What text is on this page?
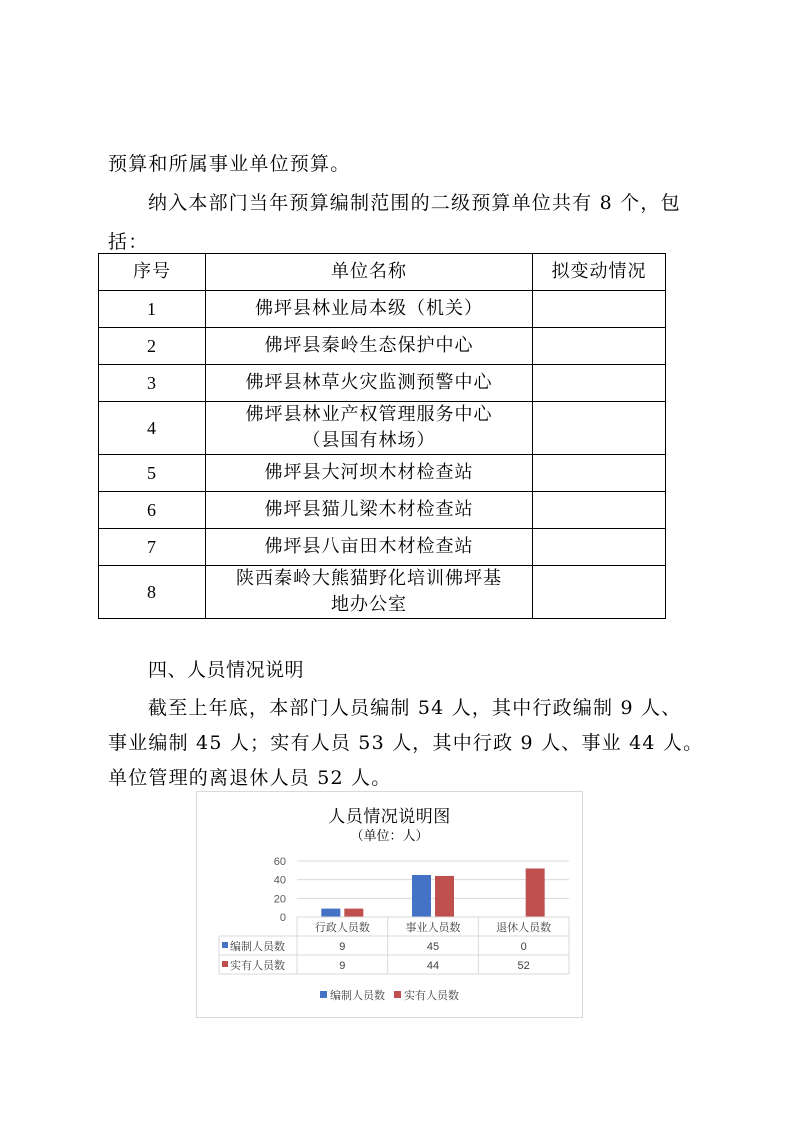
预算和所属事业单位预算。
纳入本部门当年预算编制范围的二级预算单位共有 8 个，包
括：
序号	单位名称	拟变动情况
1	佛坪县林业局本级（机关）	
2	佛坪县秦岭生态保护中心	
3	佛坪县林草火灾监测预警中心	
4	佛坪县林业产权管理服务中心
（县国有林场）	

5	佛坪县大河坝木材检查站	
6	佛坪县猫儿梁木材检查站	
7	佛坪县八亩田木材检查站	
8	陕西秦岭大熊猫野化培训佛坪基
地办公室	

四、人员情况说明
截至上年底，本部门人员编制 54 人，其中行政编制 9 人、
事业编制 45 人；实有人员 53 人，其中行政 9 人、事业 44 人。
单位管理的离退休人员 52 人。
人员情况说明图
（单位：人）
0
20
40
60
行政人员数	事业人员数	退休人员数
编制人员数	9	45	0
实有人员数	9	44	52
编制人员数 实有人员数
